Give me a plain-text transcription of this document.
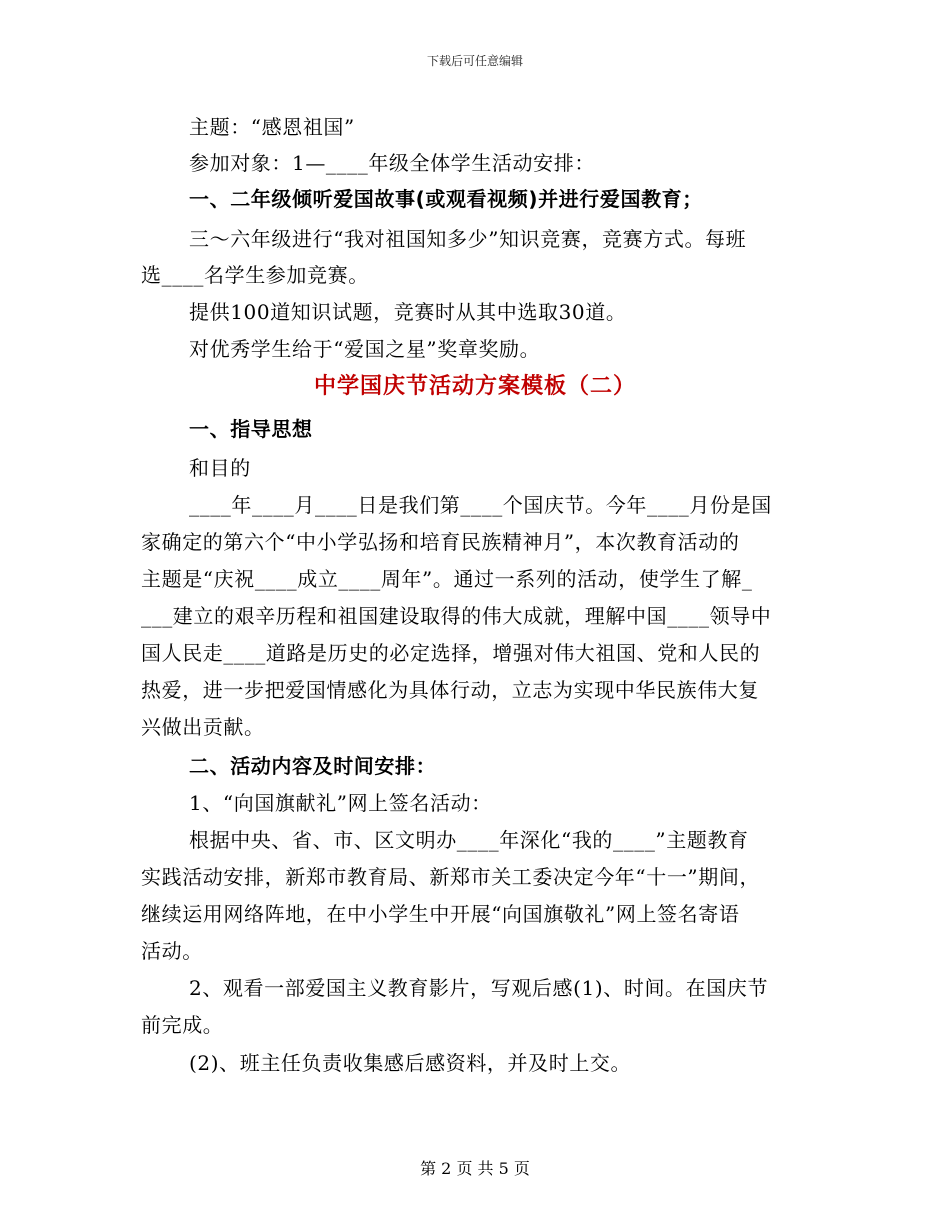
下载后可任意编辑
主题：“感恩祖国”
参加对象：1—____年级全体学生活动安排：
一、二年级倾听爱国故事(或观看视频)并进行爱国教育；
三～六年级进行“我对祖国知多少”知识竞赛，竞赛方式。每班
选____名学生参加竞赛。
提供100道知识试题，竞赛时从其中选取30道。
对优秀学生给于“爱国之星”奖章奖励。
中学国庆节活动方案模板（二）
一、指导思想
和目的
____年____月____日是我们第____个国庆节。今年____月份是国
家确定的第六个“中小学弘扬和培育民族精神月”，本次教育活动的
主题是“庆祝____成立____周年”。通过一系列的活动，使学生了解_
___建立的艰辛历程和祖国建设取得的伟大成就，理解中国____领导中
国人民走____道路是历史的必定选择，增强对伟大祖国、党和人民的
热爱，进一步把爱国情感化为具体行动，立志为实现中华民族伟大复
兴做出贡献。
二、活动内容及时间安排：
1、“向国旗献礼”网上签名活动：
根据中央、省、市、区文明办____年深化“我的____”主题教育
实践活动安排，新郑市教育局、新郑市关工委决定今年“十一”期间，
继续运用网络阵地，在中小学生中开展“向国旗敬礼”网上签名寄语
活动。
2、观看一部爱国主义教育影片，写观后感(1)、时间。在国庆节
前完成。
(2)、班主任负责收集感后感资料，并及时上交。
第 2 页 共 5 页
